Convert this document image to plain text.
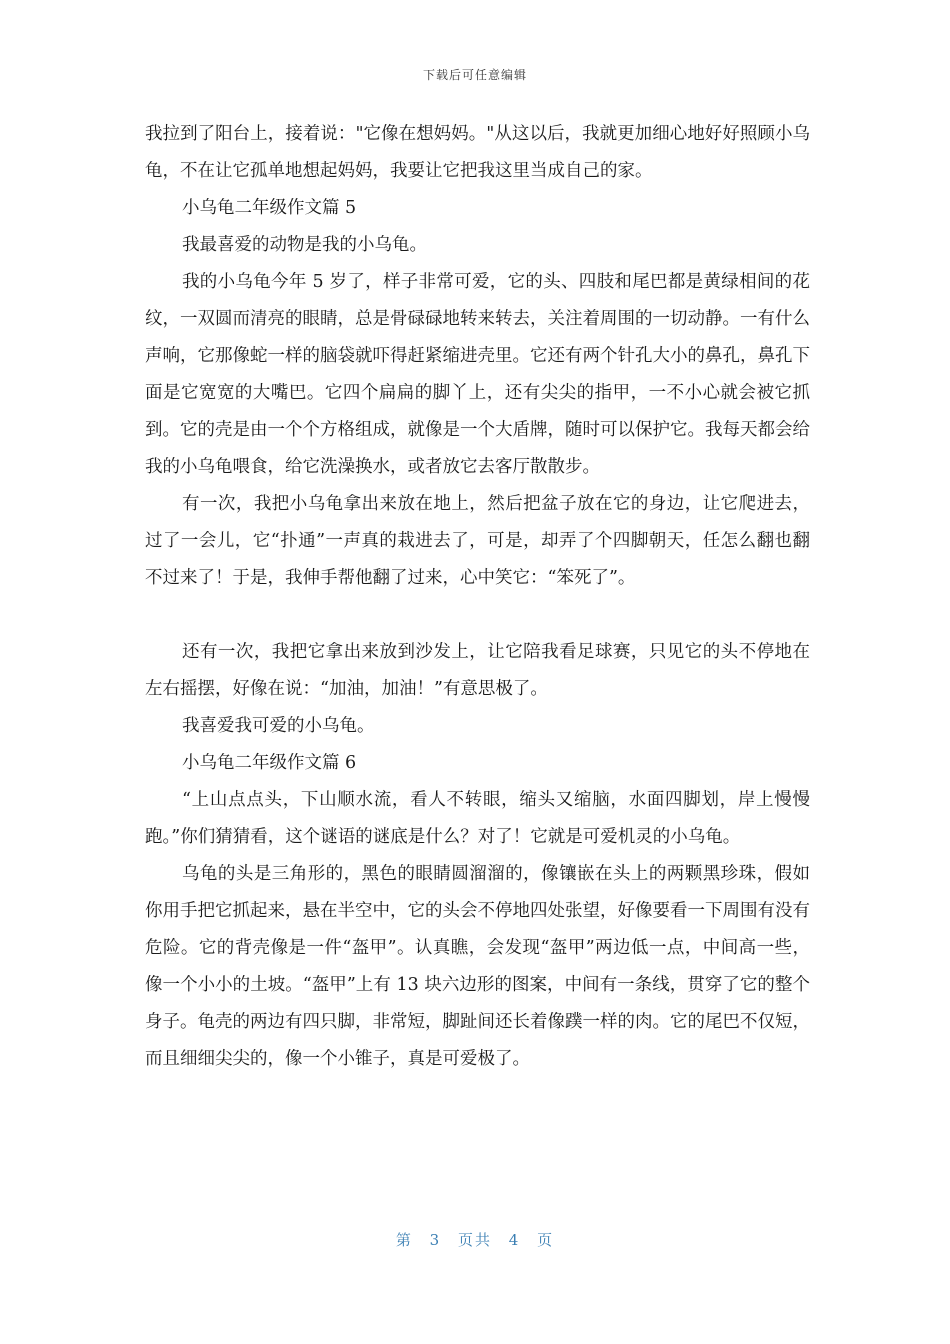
下载后可任意编辑

我拉到了阳台上，接着说："它像在想妈妈。"从这以后，我就更加细心地好好照顾小乌龟，不在让它孤单地想起妈妈，我要让它把我这里当成自己的家。

小乌龟二年级作文篇 5

我最喜爱的动物是我的小乌龟。

我的小乌龟今年 5 岁了，样子非常可爱，它的头、四肢和尾巴都是黄绿相间的花纹，一双圆而清亮的眼睛，总是骨碌碌地转来转去，关注着周围的一切动静。一有什么声响，它那像蛇一样的脑袋就吓得赶紧缩进壳里。它还有两个针孔大小的鼻孔，鼻孔下面是它宽宽的大嘴巴。它四个扁扁的脚丫上，还有尖尖的指甲，一不小心就会被它抓到。它的壳是由一个个方格组成，就像是一个大盾牌，随时可以保护它。我每天都会给我的小乌龟喂食，给它洗澡换水，或者放它去客厅散散步。

有一次，我把小乌龟拿出来放在地上，然后把盆子放在它的身边，让它爬进去，过了一会儿，它“扑通”一声真的栽进去了，可是，却弄了个四脚朝天，任怎么翻也翻不过来了！于是，我伸手帮他翻了过来，心中笑它：“笨死了”。

还有一次，我把它拿出来放到沙发上，让它陪我看足球赛，只见它的头不停地在左右摇摆，好像在说：“加油，加油！”有意思极了。

我喜爱我可爱的小乌龟。

小乌龟二年级作文篇 6

“上山点点头，下山顺水流，看人不转眼，缩头又缩脑，水面四脚划，岸上慢慢跑。”你们猜猜看，这个谜语的谜底是什么？对了！它就是可爱机灵的小乌龟。

乌龟的头是三角形的，黑色的眼睛圆溜溜的，像镶嵌在头上的两颗黑珍珠，假如你用手把它抓起来，悬在半空中，它的头会不停地四处张望，好像要看一下周围有没有危险。它的背壳像是一件“盔甲”。认真瞧，会发现“盔甲”两边低一点，中间高一些，像一个小小的土坡。“盔甲”上有 13 块六边形的图案，中间有一条线，贯穿了它的整个身子。龟壳的两边有四只脚，非常短，脚趾间还长着像蹼一样的肉。它的尾巴不仅短，而且细细尖尖的，像一个小锥子，真是可爱极了。

第 3 页共 4 页
